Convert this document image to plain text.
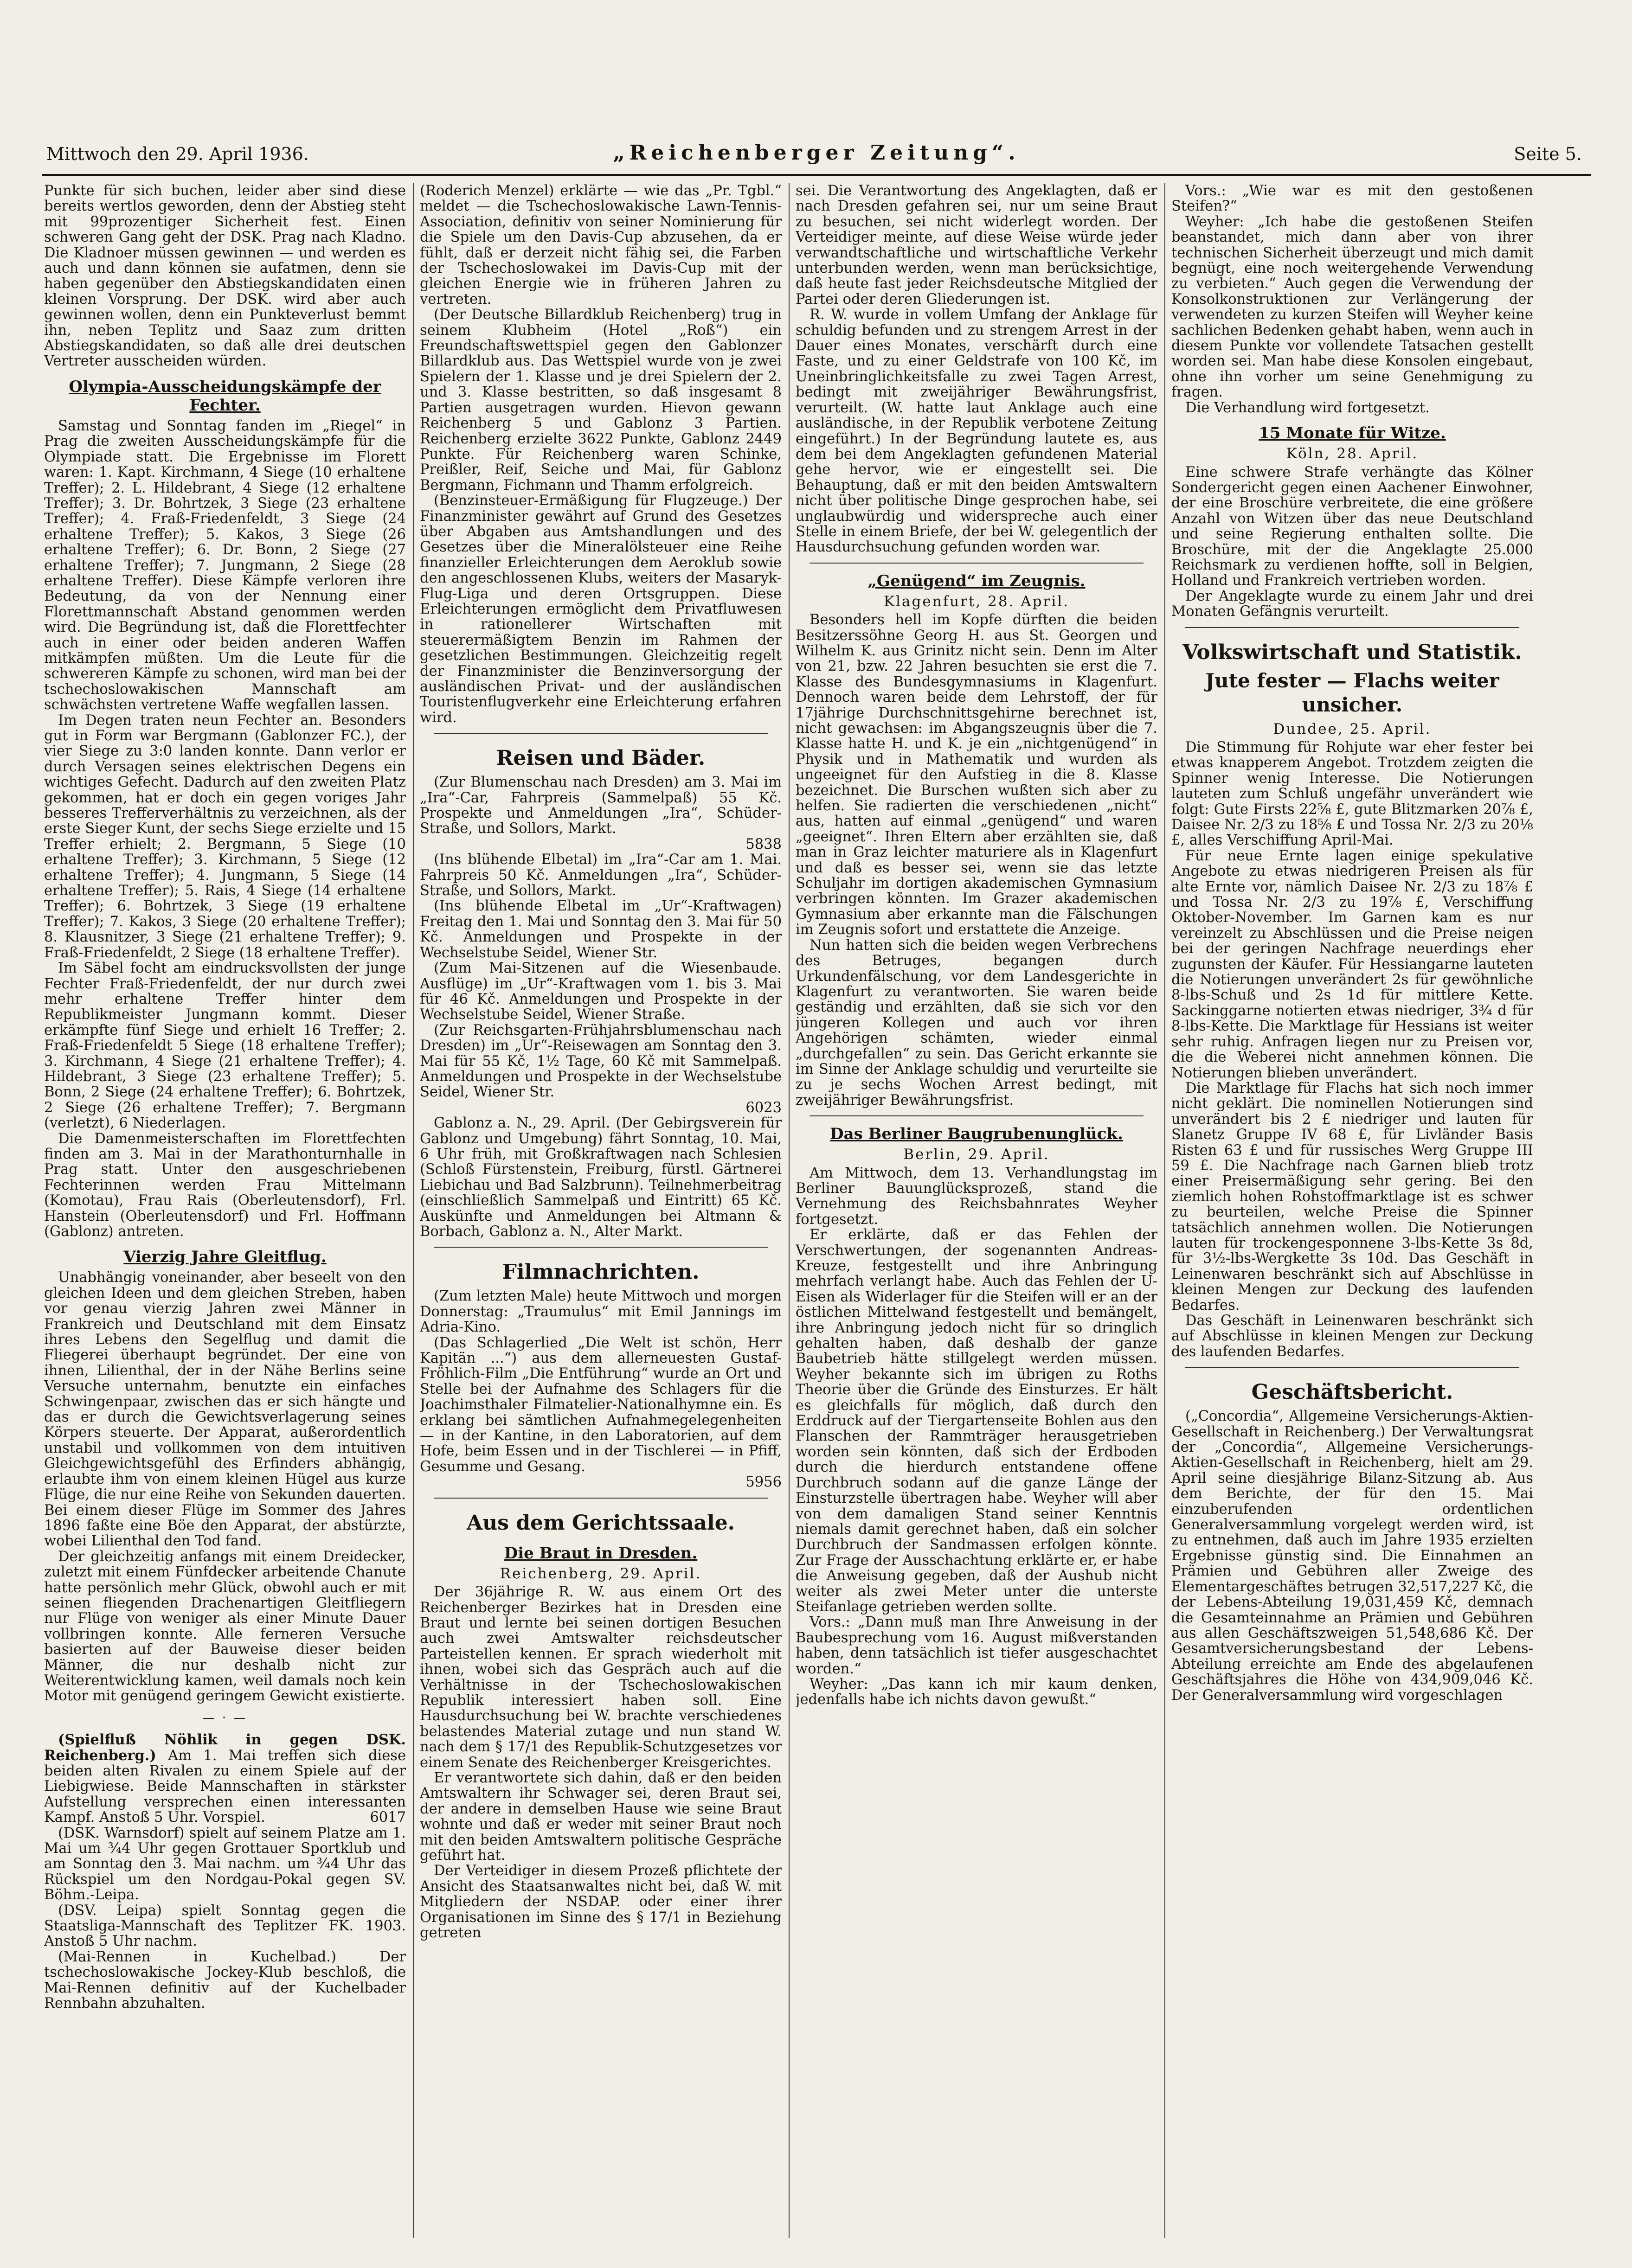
Mittwoch den 29. April 1936.	„Reichenberger Zeitung“.	Seite 5.

Punkte für sich buchen, leider aber sind diese bereits wertlos geworden, denn der Abstieg steht mit 99prozentiger Sicherheit fest. Einen schweren Gang geht der DSK. Prag nach Kladno. Die Kladnoer müssen gewinnen — und werden es auch und dann können sie aufatmen, denn sie haben gegenüber den Abstiegskandidaten einen kleinen Vorsprung. Der DSK. wird aber auch gewinnen wollen, denn ein Punkteverlust bemmt ihn, neben Teplitz und Saaz zum dritten Abstiegskandidaten, so daß alle drei deutschen Vertreter ausscheiden würden.

Olympia-Ausscheidungskämpfe der Fechter.

Samstag und Sonntag fanden im „Riegel“ in Prag die zweiten Ausscheidungskämpfe für die Olympiade statt. Die Ergebnisse im Florett waren: 1. Kapt. Kirchmann, 4 Siege (10 erhaltene Treffer); 2. L. Hildebrant, 4 Siege (12 erhaltene Treffer); 3. Dr. Bohrtzek, 3 Siege (23 erhaltene Treffer); 4. Fraß-Friedenfeldt, 3 Siege (24 erhaltene Treffer); 5. Kakos, 3 Siege (26 erhaltene Treffer); 6. Dr. Bonn, 2 Siege (27 erhaltene Treffer); 7. Jungmann, 2 Siege (28 erhaltene Treffer). Diese Kämpfe verloren ihre Bedeutung, da von der Nennung einer Florettmannschaft Abstand genommen werden wird. Die Begründung ist, daß die Florettfechter auch in einer oder beiden anderen Waffen mitkämpfen müßten. Um die Leute für die schwereren Kämpfe zu schonen, wird man bei der tschechoslowakischen Mannschaft am schwächsten vertretene Waffe wegfallen lassen.

Im Degen traten neun Fechter an. Besonders gut in Form war Bergmann (Gablonzer FC.), der vier Siege zu 3:0 landen konnte. Dann verlor er durch Versagen seines elektrischen Degens ein wichtiges Gefecht. Dadurch auf den zweiten Platz gekommen, hat er doch ein gegen voriges Jahr besseres Trefferverhältnis zu verzeichnen, als der erste Sieger Kunt, der sechs Siege erzielte und 15 Treffer erhielt; 2. Bergmann, 5 Siege (10 erhaltene Treffer); 3. Kirchmann, 5 Siege (12 erhaltene Treffer); 4. Jungmann, 5 Siege (14 erhaltene Treffer); 5. Rais, 4 Siege (14 erhaltene Treffer); 6. Bohrtzek, 3 Siege (19 erhaltene Treffer); 7. Kakos, 3 Siege (20 erhaltene Treffer); 8. Klausnitzer, 3 Siege (21 erhaltene Treffer); 9. Fraß-Friedenfeldt, 2 Siege (18 erhaltene Treffer).

Im Säbel focht am eindrucksvollsten der junge Fechter Fraß-Friedenfeldt, der nur durch zwei mehr erhaltene Treffer hinter dem Republikmeister Jungmann kommt. Dieser erkämpfte fünf Siege und erhielt 16 Treffer; 2. Fraß-Friedenfeldt 5 Siege (18 erhaltene Treffer); 3. Kirchmann, 4 Siege (21 erhaltene Treffer); 4. Hildebrant, 3 Siege (23 erhaltene Treffer); 5. Bonn, 2 Siege (24 erhaltene Treffer); 6. Bohrtzek, 2 Siege (26 erhaltene Treffer); 7. Bergmann (verletzt), 6 Niederlagen.

Die Damenmeisterschaften im Florettfechten finden am 3. Mai in der Marathonturnhalle in Prag statt. Unter den ausgeschriebenen Fechterinnen werden Frau Mittelmann (Komotau), Frau Rais (Oberleutensdorf), Frl. Hanstein (Oberleutensdorf) und Frl. Hoffmann (Gablonz) antreten.

Vierzig Jahre Gleitflug.

Unabhängig voneinander, aber beseelt von den gleichen Ideen und dem gleichen Streben, haben vor genau vierzig Jahren zwei Männer in Frankreich und Deutschland mit dem Einsatz ihres Lebens den Segelflug und damit die Fliegerei überhaupt begründet. Der eine von ihnen, Lilienthal, der in der Nähe Berlins seine Versuche unternahm, benutzte ein einfaches Schwingenpaar, zwischen das er sich hängte und das er durch die Gewichtsverlagerung seines Körpers steuerte. Der Apparat, außerordentlich unstabil und vollkommen von dem intuitiven Gleichgewichtsgefühl des Erfinders abhängig, erlaubte ihm von einem kleinen Hügel aus kurze Flüge, die nur eine Reihe von Sekunden dauerten. Bei einem dieser Flüge im Sommer des Jahres 1896 faßte eine Böe den Apparat, der abstürzte, wobei Lilienthal den Tod fand.

Der gleichzeitig anfangs mit einem Dreidecker, zuletzt mit einem Fünfdecker arbeitende Chanute hatte persönlich mehr Glück, obwohl auch er mit seinen fliegenden Drachenartigen Gleitfliegern nur Flüge von weniger als einer Minute Dauer vollbringen konnte. Alle ferneren Versuche basierten auf der Bauweise dieser beiden Männer, die nur deshalb nicht zur Weiterentwicklung kamen, weil damals noch kein Motor mit genügend geringem Gewicht existierte.

— · —

(Spielfluß Nöhlik in gegen DSK. Reichenberg.) Am 1. Mai treffen sich diese beiden alten Rivalen zu einem Spiele auf der Liebigwiese. Beide Mannschaften in stärkster Aufstellung versprechen einen interessanten Kampf. Anstoß 5 Uhr. Vorspiel.	6017

(DSK. Warnsdorf) spielt auf seinem Platze am 1. Mai um ¾4 Uhr gegen Grottauer Sportklub und am Sonntag den 3. Mai nachm. um ¾4 Uhr das Rückspiel um den Nordgau-Pokal gegen SV. Böhm.-Leipa.

(DSV. Leipa) spielt Sonntag gegen die Staatsliga-Mannschaft des Teplitzer FK. 1903. Anstoß 5 Uhr nachm.

(Mai-Rennen in Kuchelbad.) Der tschechoslowakische Jockey-Klub beschloß, die Mai-Rennen definitiv auf der Kuchelbader Rennbahn abzuhalten.

(Roderich Menzel) erklärte — wie das „Pr. Tgbl.“ meldet — die Tschechoslowakische Lawn-Tennis-Association, definitiv von seiner Nominierung für die Spiele um den Davis-Cup abzusehen, da er fühlt, daß er derzeit nicht fähig sei, die Farben der Tschechoslowakei im Davis-Cup mit der gleichen Energie wie in früheren Jahren zu vertreten.

(Der Deutsche Billardklub Reichenberg) trug in seinem Klubheim (Hotel „Roß“) ein Freundschaftswettspiel gegen den Gablonzer Billardklub aus. Das Wettspiel wurde von je zwei Spielern der 1. Klasse und je drei Spielern der 2. und 3. Klasse bestritten, so daß insgesamt 8 Partien ausgetragen wurden. Hievon gewann Reichenberg 5 und Gablonz 3 Partien. Reichenberg erzielte 3622 Punkte, Gablonz 2449 Punkte. Für Reichenberg waren Schinke, Preißler, Reif, Seiche und Mai, für Gablonz Bergmann, Fichmann und Thamm erfolgreich.

(Benzinsteuer-Ermäßigung für Flugzeuge.) Der Finanzminister gewährt auf Grund des Gesetzes über Abgaben aus Amtshandlungen und des Gesetzes über die Mineralölsteuer eine Reihe finanzieller Erleichterungen dem Aeroklub sowie den angeschlossenen Klubs, weiters der Masaryk-Flug-Liga und deren Ortsgruppen. Diese Erleichterungen ermöglicht dem Privatfluwesen in rationellerer Wirtschaften mit steuerermäßigtem Benzin im Rahmen der gesetzlichen Bestimmungen. Gleichzeitig regelt der Finanzminister die Benzinversorgung der ausländischen Privat- und der ausländischen Touristenflugverkehr eine Erleichterung erfahren wird.

Reisen und Bäder.

(Zur Blumenschau nach Dresden) am 3. Mai im „Ira“-Car, Fahrpreis (Sammelpaß) 55 Kč. Prospekte und Anmeldungen „Ira“, Schüder-Straße, und Sollors, Markt.

5838

(Ins blühende Elbetal) im „Ira“-Car am 1. Mai. Fahrpreis 50 Kč. Anmeldungen „Ira“, Schüder-Straße, und Sollors, Markt.

(Ins blühende Elbetal im „Ur“-Kraftwagen) Freitag den 1. Mai und Sonntag den 3. Mai für 50 Kč. Anmeldungen und Prospekte in der Wechselstube Seidel, Wiener Str.

(Zum Mai-Sitzenen auf die Wiesenbaude. Ausflüge) im „Ur“-Kraftwagen vom 1. bis 3. Mai für 46 Kč. Anmeldungen und Prospekte in der Wechselstube Seidel, Wiener Straße.

(Zur Reichsgarten-Frühjahrsblumenschau nach Dresden) im „Ur“-Reisewagen am Sonntag den 3. Mai für 55 Kč, 1½ Tage, 60 Kč mit Sammelpaß. Anmeldungen und Prospekte in der Wechselstube Seidel, Wiener Str.

6023

Gablonz a. N., 29. April. (Der Gebirgsverein für Gablonz und Umgebung) fährt Sonntag, 10. Mai, 6 Uhr früh, mit Großkraftwagen nach Schlesien (Schloß Fürstenstein, Freiburg, fürstl. Gärtnerei Liebichau und Bad Salzbrunn). Teilnehmerbeitrag (einschließlich Sammelpaß und Eintritt) 65 Kč. Auskünfte und Anmeldungen bei Altmann & Borbach, Gablonz a. N., Alter Markt.

Filmnachrichten.

(Zum letzten Male) heute Mittwoch und morgen Donnerstag: „Traumulus“ mit Emil Jannings im Adria-Kino.

(Das Schlagerlied „Die Welt ist schön, Herr Kapitän ...“) aus dem allerneuesten Gustaf-Fröhlich-Film „Die Entführung“ wurde an Ort und Stelle bei der Aufnahme des Schlagers für die Joachimsthaler Filmatelier-Nationalhymne ein. Es erklang bei sämtlichen Aufnahmegelegenheiten — in der Kantine, in den Laboratorien, auf dem Hofe, beim Essen und in der Tischlerei — in Pfiff, Gesumme und Gesang.

5956

Aus dem Gerichtssaale.
Die Braut in Dresden.
Reichenberg, 29. April.

Der 36jährige R. W. aus einem Ort des Reichenberger Bezirkes hat in Dresden eine Braut und lernte bei seinen dortigen Besuchen auch zwei Amtswalter reichsdeutscher Parteistellen kennen. Er sprach wiederholt mit ihnen, wobei sich das Gespräch auch auf die Verhältnisse in der Tschechoslowakischen Republik interessiert haben soll. Eine Hausdurchsuchung bei W. brachte verschiedenes belastendes Material zutage und nun stand W. nach dem § 17/1 des Republik-Schutzgesetzes vor einem Senate des Reichenberger Kreisgerichtes.

Er verantwortete sich dahin, daß er den beiden Amtswaltern ihr Schwager sei, deren Braut sei, der andere in demselben Hause wie seine Braut wohnte und daß er weder mit seiner Braut noch mit den beiden Amtswaltern politische Gespräche geführt hat.

Der Verteidiger in diesem Prozeß pflichtete der Ansicht des Staatsanwaltes nicht bei, daß W. mit Mitgliedern der NSDAP. oder einer ihrer Organisationen im Sinne des § 17/1 in Beziehung getreten

sei. Die Verantwortung des Angeklagten, daß er nach Dresden gefahren sei, nur um seine Braut zu besuchen, sei nicht widerlegt worden. Der Verteidiger meinte, auf diese Weise würde jeder verwandtschaftliche und wirtschaftliche Verkehr unterbunden werden, wenn man berücksichtige, daß heute fast jeder Reichsdeutsche Mitglied der Partei oder deren Gliederungen ist.

R. W. wurde in vollem Umfang der Anklage für schuldig befunden und zu strengem Arrest in der Dauer eines Monates, verschärft durch eine Faste, und zu einer Geldstrafe von 100 Kč, im Uneinbringlichkeitsfalle zu zwei Tagen Arrest, bedingt mit zweijähriger Bewährungsfrist, verurteilt. (W. hatte laut Anklage auch eine ausländische, in der Republik verbotene Zeitung eingeführt.) In der Begründung lautete es, aus dem bei dem Angeklagten gefundenen Material gehe hervor, wie er eingestellt sei. Die Behauptung, daß er mit den beiden Amtswaltern nicht über politische Dinge gesprochen habe, sei unglaubwürdig und widerspreche auch einer Stelle in einem Briefe, der bei W. gelegentlich der Hausdurchsuchung gefunden worden war.

„Genügend“ im Zeugnis.
Klagenfurt, 28. April.

Besonders hell im Kopfe dürften die beiden Besitzerssöhne Georg H. aus St. Georgen und Wilhelm K. aus Grinitz nicht sein. Denn im Alter von 21, bzw. 22 Jahren besuchten sie erst die 7. Klasse des Bundesgymnasiums in Klagenfurt. Dennoch waren beide dem Lehrstoff, der für 17jährige Durchschnittsgehirne berechnet ist, nicht gewachsen: im Abgangszeugnis über die 7. Klasse hatte H. und K. je ein „nichtgenügend“ in Physik und in Mathematik und wurden als ungeeignet für den Aufstieg in die 8. Klasse bezeichnet. Die Burschen wußten sich aber zu helfen. Sie radierten die verschiedenen „nicht“ aus, hatten auf einmal „genügend“ und waren „geeignet“. Ihren Eltern aber erzählten sie, daß man in Graz leichter maturiere als in Klagenfurt und daß es besser sei, wenn sie das letzte Schuljahr im dortigen akademischen Gymnasium verbringen könnten. Im Grazer akademischen Gymnasium aber erkannte man die Fälschungen im Zeugnis sofort und erstattete die Anzeige.

Nun hatten sich die beiden wegen Verbrechens des Betruges, begangen durch Urkundenfälschung, vor dem Landesgerichte in Klagenfurt zu verantworten. Sie waren beide geständig und erzählten, daß sie sich vor den jüngeren Kollegen und auch vor ihren Angehörigen schämten, wieder einmal „durchgefallen“ zu sein. Das Gericht erkannte sie im Sinne der Anklage schuldig und verurteilte sie zu je sechs Wochen Arrest bedingt, mit zweijähriger Bewährungsfrist.

Das Berliner Baugrubenunglück.
Berlin, 29. April.

Am Mittwoch, dem 13. Verhandlungstag im Berliner Bauunglücksprozeß, stand die Vernehmung des Reichsbahnrates Weyher fortgesetzt.

Er erklärte, daß er das Fehlen der Verschwertungen, der sogenannten Andreas-Kreuze, festgestellt und ihre Anbringung mehrfach verlangt habe. Auch das Fehlen der U-Eisen als Widerlager für die Steifen will er an der östlichen Mittelwand festgestellt und bemängelt, ihre Anbringung jedoch nicht für so dringlich gehalten haben, daß deshalb der ganze Baubetrieb hätte stillgelegt werden müssen. Weyher bekannte sich im übrigen zu Roths Theorie über die Gründe des Einsturzes. Er hält es gleichfalls für möglich, daß durch den Erddruck auf der Tiergartenseite Bohlen aus den Flanschen der Rammträger herausgetrieben worden sein könnten, daß sich der Erdboden durch die hierdurch entstandene offene Durchbruch sodann auf die ganze Länge der Einsturzstelle übertragen habe. Weyher will aber von dem damaligen Stand seiner Kenntnis niemals damit gerechnet haben, daß ein solcher Durchbruch der Sandmassen erfolgen könnte. Zur Frage der Ausschachtung erklärte er, er habe die Anweisung gegeben, daß der Aushub nicht weiter als zwei Meter unter die unterste Steifanlage getrieben werden sollte.

Vors.: „Dann muß man Ihre Anweisung in der Baubesprechung vom 16. August mißverstanden haben, denn tatsächlich ist tiefer ausgeschachtet worden.“

Weyher: „Das kann ich mir kaum denken, jedenfalls habe ich nichts davon gewußt.“

Vors.: „Wie war es mit den gestoßenen Steifen?“

Weyher: „Ich habe die gestoßenen Steifen beanstandet, mich dann aber von ihrer technischen Sicherheit überzeugt und mich damit begnügt, eine noch weitergehende Verwendung zu verbieten.“ Auch gegen die Verwendung der Konsolkonstruktionen zur Verlängerung der verwendeten zu kurzen Steifen will Weyher keine sachlichen Bedenken gehabt haben, wenn auch in diesem Punkte vor vollendete Tatsachen gestellt worden sei. Man habe diese Konsolen eingebaut, ohne ihn vorher um seine Genehmigung zu fragen.

Die Verhandlung wird fortgesetzt.

15 Monate für Witze.
Köln, 28. April.

Eine schwere Strafe verhängte das Kölner Sondergericht gegen einen Aachener Einwohner, der eine Broschüre verbreitete, die eine größere Anzahl von Witzen über das neue Deutschland und seine Regierung enthalten sollte. Die Broschüre, mit der die Angeklagte 25.000 Reichsmark zu verdienen hoffte, soll in Belgien, Holland und Frankreich vertrieben worden.

Der Angeklagte wurde zu einem Jahr und drei Monaten Gefängnis verurteilt.

Volkswirtschaft und Statistik.
Jute fester — Flachs weiter unsicher.
Dundee, 25. April.

Die Stimmung für Rohjute war eher fester bei etwas knapperem Angebot. Trotzdem zeigten die Spinner wenig Interesse. Die Notierungen lauteten zum Schluß ungefähr unverändert wie folgt: Gute Firsts 22⅝ £, gute Blitzmarken 20⅞ £, Daisee Nr. 2/3 zu 18⅝ £ und Tossa Nr. 2/3 zu 20⅛ £, alles Verschiffung April-Mai.

Für neue Ernte lagen einige spekulative Angebote zu etwas niedrigeren Preisen als für alte Ernte vor, nämlich Daisee Nr. 2/3 zu 18⅞ £ und Tossa Nr. 2/3 zu 19⅞ £, Verschiffung Oktober-November. Im Garnen kam es nur vereinzelt zu Abschlüssen und die Preise neigen bei der geringen Nachfrage neuerdings eher zugunsten der Käufer. Für Hessiangarne lauteten die Notierungen unverändert 2s für gewöhnliche 8-lbs-Schuß und 2s 1d für mittlere Kette. Sackinggarne notierten etwas niedriger, 3¾ d für 8-lbs-Kette. Die Marktlage für Hessians ist weiter sehr ruhig. Anfragen liegen nur zu Preisen vor, die die Weberei nicht annehmen können. Die Notierungen blieben unverändert.

Die Marktlage für Flachs hat sich noch immer nicht geklärt. Die nominellen Notierungen sind unverändert bis 2 £ niedriger und lauten für Slanetz Gruppe IV 68 £, für Livländer Basis Risten 63 £ und für russisches Werg Gruppe III 59 £. Die Nachfrage nach Garnen blieb trotz einer Preisermäßigung sehr gering. Bei den ziemlich hohen Rohstoffmarktlage ist es schwer zu beurteilen, welche Preise die Spinner tatsächlich annehmen wollen. Die Notierungen lauten für trockengesponnene 3-lbs-Kette 3s 8d, für 3½-lbs-Wergkette 3s 10d. Das Geschäft in Leinenwaren beschränkt sich auf Abschlüsse in kleinen Mengen zur Deckung des laufenden Bedarfes.

Das Geschäft in Leinenwaren beschränkt sich auf Abschlüsse in kleinen Mengen zur Deckung des laufenden Bedarfes.

Geschäftsbericht.

(„Concordia“, Allgemeine Versicherungs-Aktien-Gesellschaft in Reichenberg.) Der Verwaltungsrat der „Concordia“, Allgemeine Versicherungs-Aktien-Gesellschaft in Reichenberg, hielt am 29. April seine diesjährige Bilanz-Sitzung ab. Aus dem Berichte, der für den 15. Mai einzuberufenden ordentlichen Generalversammlung vorgelegt werden wird, ist zu entnehmen, daß auch im Jahre 1935 erzielten Ergebnisse günstig sind. Die Einnahmen an Prämien und Gebühren aller Zweige des Elementargeschäftes betrugen 32,517,227 Kč, die der Lebens-Abteilung 19,031,459 Kč, demnach die Gesamteinnahme an Prämien und Gebühren aus allen Geschäftszweigen 51,548,686 Kč. Der Gesamtversicherungsbestand der Lebens-Abteilung erreichte am Ende des abgelaufenen Geschäftsjahres die Höhe von 434,909,046 Kč. Der Generalversammlung wird vorgeschlagen
